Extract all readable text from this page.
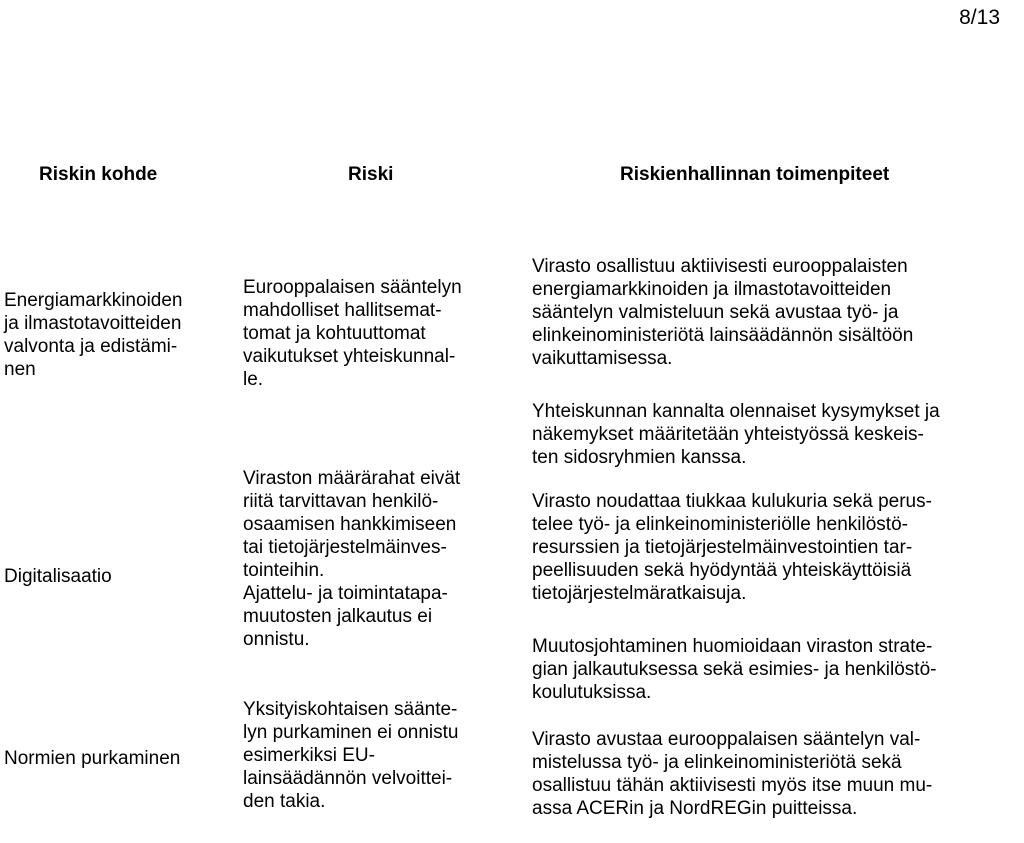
8/13
Riskin kohde	Riski	Riskienhallinnan toimenpiteet
Energiamarkkinoiden
ja ilmastotavoitteiden
valvonta ja edistämi-
nen
Eurooppalaisen sääntelyn
mahdolliset hallitsemat-
tomat ja kohtuuttomat
vaikutukset yhteiskunnal-
le.

Virasto osallistuu aktiivisesti eurooppalaisten
energiamarkkinoiden ja ilmastotavoitteiden
sääntelyn valmisteluun sekä avustaa työ- ja
elinkeinoministeriötä lainsäädännön sisältöön
vaikuttamisessa.

Yhteiskunnan kannalta olennaiset kysymykset ja
näkemykset määritetään yhteistyössä keskeis-
ten sidosryhmien kanssa.

Digitalisaatio
Viraston määrärahat eivät
riitä tarvittavan henkilö-
osaamisen hankkimiseen
tai tietojärjestelmäinves-
tointeihin.
Ajattelu- ja toimintatapa-
muutosten jalkautus ei
onnistu.

Virasto noudattaa tiukkaa kulukuria sekä perus-
telee työ- ja elinkeinoministeriölle henkilöstö-
resurssien ja tietojärjestelmäinvestointien tar-
peellisuuden sekä hyödyntää yhteiskäyttöisiä
tietojärjestelmäratkaisuja.

Muutosjohtaminen huomioidaan viraston strate-
gian jalkautuksessa sekä esimies- ja henkilöstö-
koulutuksissa.

Normien purkaminen
Yksityiskohtaisen säänte-
lyn purkaminen ei onnistu
esimerkiksi EU-
lainsäädännön velvoittei-
den takia.

Virasto avustaa eurooppalaisen sääntelyn val-
mistelussa työ- ja elinkeinoministeriötä sekä
osallistuu tähän aktiivisesti myös itse muun mu-
assa ACERin ja NordREGin puitteissa.
